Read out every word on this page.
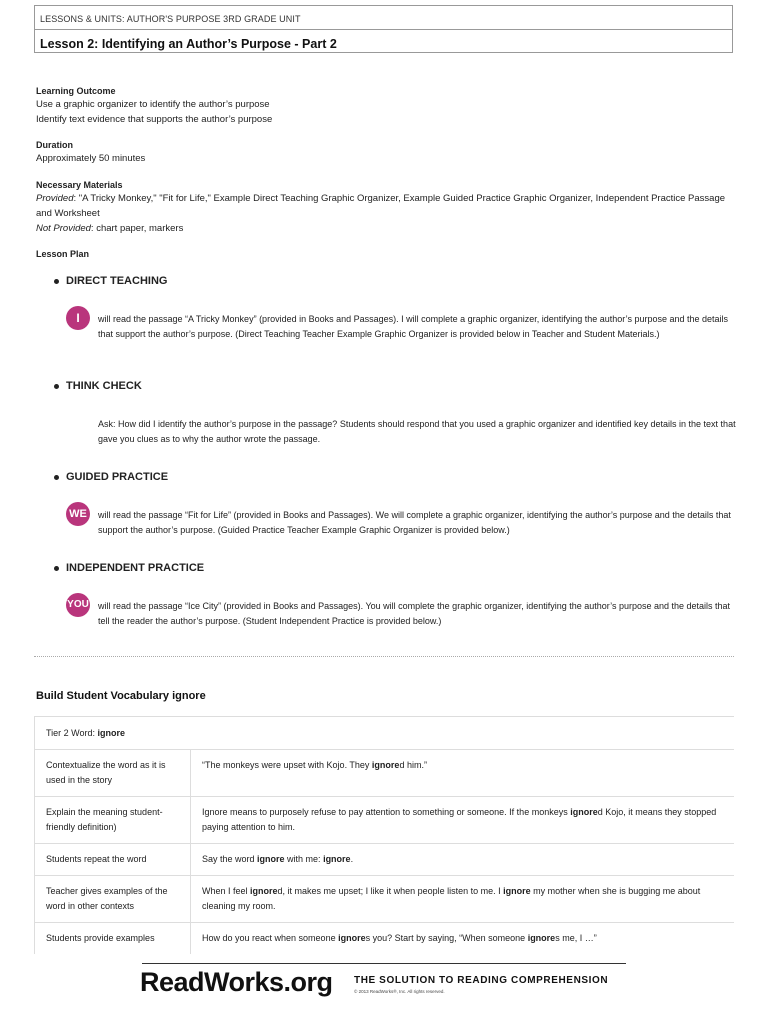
LESSONS & UNITS: AUTHOR'S PURPOSE 3RD GRADE UNIT
Lesson 2: Identifying an Author’s Purpose - Part 2
Learning Outcome
Use a graphic organizer to identify the author’s purpose
Identify text evidence that supports the author’s purpose
Duration
Approximately 50 minutes
Necessary Materials
Provided: "A Tricky Monkey," "Fit for Life," Example Direct Teaching Graphic Organizer, Example Guided Practice Graphic Organizer, Independent Practice Passage and Worksheet
Not Provided: chart paper, markers
Lesson Plan
DIRECT TEACHING
I	will read the passage “A Tricky Monkey” (provided in Books and Passages). I will complete a graphic organizer, identifying the author’s purpose and the details that support the author’s purpose. (Direct Teaching Teacher Example Graphic Organizer is provided below in Teacher and Student Materials.)
THINK CHECK
Ask: How did I identify the author’s purpose in the passage? Students should respond that you used a graphic organizer and identified key details in the text that gave you clues as to why the author wrote the passage.
GUIDED PRACTICE
WE	will read the passage “Fit for Life” (provided in Books and Passages). We will complete a graphic organizer, identifying the author’s purpose and the details that support the author’s purpose. (Guided Practice Teacher Example Graphic Organizer is provided below.)
INDEPENDENT PRACTICE
YOU will read the passage “Ice City” (provided in Books and Passages). You will complete the graphic organizer, identifying the author’s purpose and the details that tell the reader the author’s purpose. (Student Independent Practice is provided below.)
Build Student Vocabulary ignore
Tier 2 Word: ignore	
Contextualize the word as it is used in the story	“The monkeys were upset with Kojo. They ignored him.”
Explain the meaning student-friendly definition)	Ignore means to purposely refuse to pay attention to something or someone. If the monkeys ignored Kojo, it means they stopped paying attention to him.
Students repeat the word	Say the word ignore with me: ignore.
Teacher gives examples of the word in other contexts	When I feel ignored, it makes me upset; I like it when people listen to me. I ignore my mother when she is bugging me about cleaning my room.
Students provide examples	How do you react when someone ignores you? Start by saying, “When someone ignores me, I …”
ReadWorks.org THE SOLUTION TO READING COMPREHENSION
© 2013 ReadWorks®, Inc. All rights reserved.
